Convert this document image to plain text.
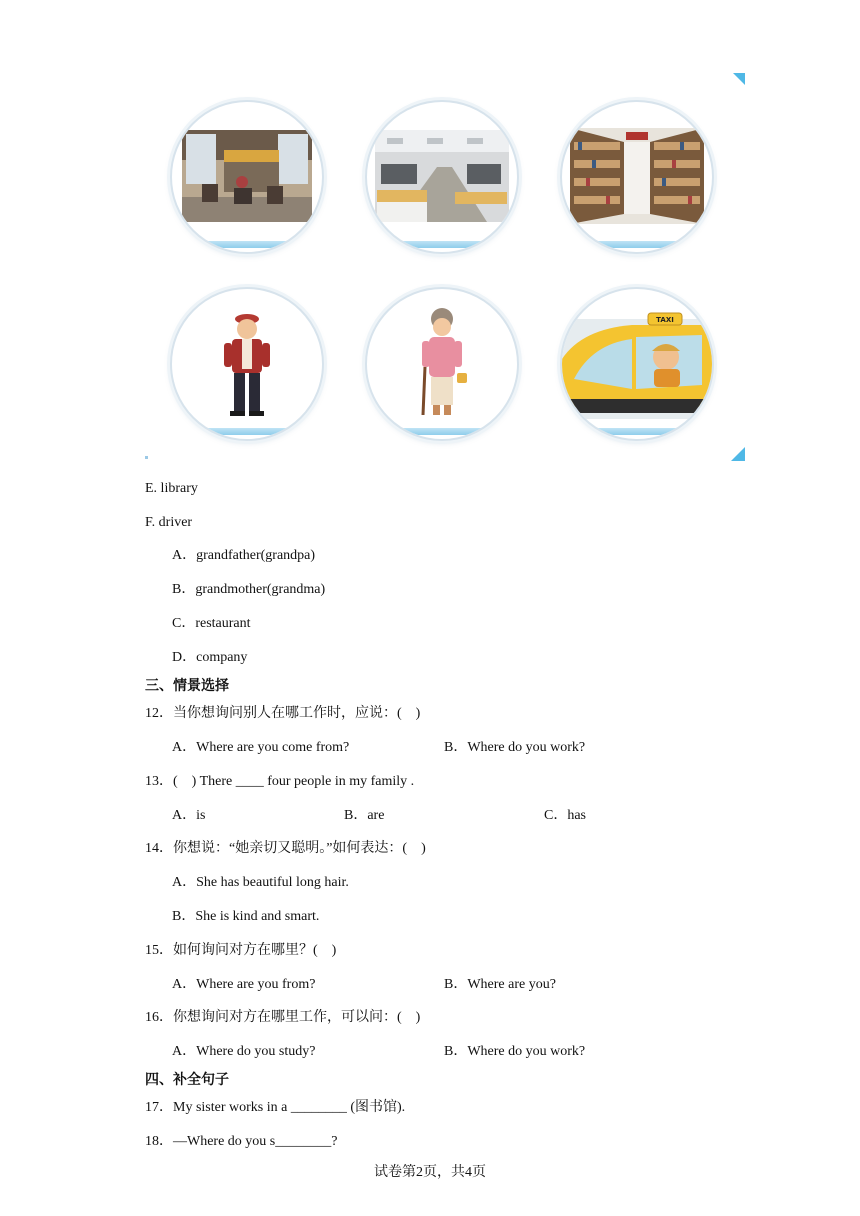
TAXI
E. library
F. driver
A．grandfather(grandpa)
B．grandmother(grandma)
C．restaurant
D．company
三、情景选择
12．当你想询问别人在哪工作时，应说：(　)
A．Where are you come from?	B．Where do you work?
13．(　) There ____ four people in my family .
A．is	B．are	C．has
14．你想说：“她亲切又聪明。”如何表达：(　)
A．She has beautiful long hair.
B．She is kind and smart.
15．如何询问对方在哪里？(　)
A．Where are you from?	B．Where are you?
16．你想询问对方在哪里工作，可以问：(　)
A．Where do you study?	B．Where do you work?
四、补全句子
17．My sister works in a ________ (图书馆).
18．—Where do you s________?
试卷第2页，共4页
